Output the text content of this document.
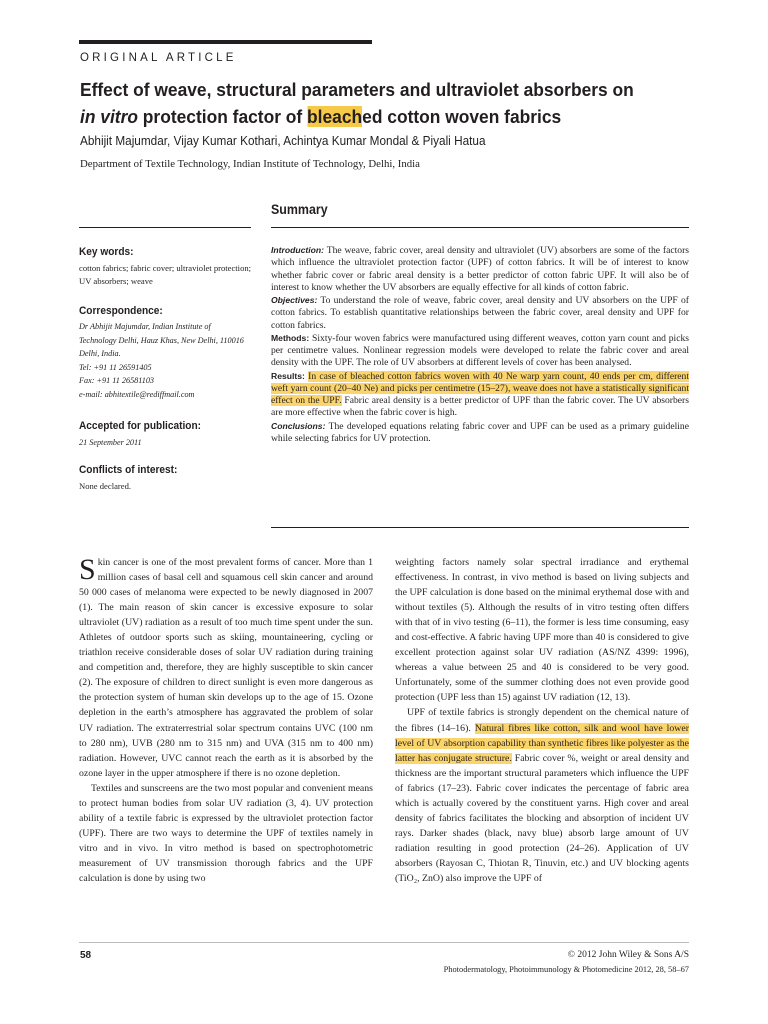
ORIGINAL ARTICLE
Effect of weave, structural parameters and ultraviolet absorbers on
in vitro protection factor of bleached cotton woven fabrics
Abhijit Majumdar, Vijay Kumar Kothari, Achintya Kumar Mondal & Piyali Hatua
Department of Textile Technology, Indian Institute of Technology, Delhi, India
Summary
Key words:
cotton fabrics; fabric cover; ultraviolet protection; UV absorbers; weave
Correspondence:
Dr Abhijit Majumdar, Indian Institute of
Technology Delhi, Hauz Khas, New Delhi, 110016
Delhi, India.
Tel: +91 11 26591405
Fax: +91 11 26581103
e-mail: abhitextile@rediffmail.com
Accepted for publication:
21 September 2011
Conflicts of interest:
None declared.

Introduction: The weave, fabric cover, areal density and ultraviolet (UV) absorbers are some of the factors which influence the ultraviolet protection factor (UPF) of cotton fabrics. It will be of interest to know whether fabric cover or fabric areal density is a better predictor of cotton fabric UPF. It will also be of interest to know whether the UV absorbers are equally effective for all kinds of cotton fabric.

Objectives: To understand the role of weave, fabric cover, areal density and UV absorbers on the UPF of cotton fabrics. To establish quantitative relationships between the fabric cover, areal density and UPF for cotton fabrics.

Methods: Sixty-four woven fabrics were manufactured using different weaves, cotton yarn count and picks per centimetre values. Nonlinear regression models were developed to relate the fabric cover and areal density with the UPF. The role of UV absorbers at different levels of cover has been analysed.

Results: In case of bleached cotton fabrics woven with 40 Ne warp yarn count, 40 ends per cm, different weft yarn count (20–40 Ne) and picks per centimetre (15–27), weave does not have a statistically significant effect on the UPF. Fabric areal density is a better predictor of UPF than the fabric cover. The UV absorbers are more effective when the fabric cover is high.

Conclusions: The developed equations relating fabric cover and UPF can be used as a primary guideline while selecting fabrics for UV protection.

Skin cancer is one of the most prevalent forms of cancer. More than 1 million cases of basal cell and squamous cell skin cancer and around 50 000 cases of melanoma were expected to be newly diagnosed in 2007 (1). The main reason of skin cancer is excessive exposure to solar ultraviolet (UV) radiation as a result of too much time spent under the sun. Athletes of outdoor sports such as skiing, mountaineering, cycling or triathlon receive considerable doses of solar UV radiation during training and competition and, therefore, they are highly susceptible to skin cancer (2). The exposure of children to direct sunlight is even more dangerous as the protection system of human skin develops up to the age of 15. Ozone depletion in the earth’s atmosphere has aggravated the problem of solar UV radiation. The extraterrestrial solar spectrum contains UVC (100 nm to 280 nm), UVB (280 nm to 315 nm) and UVA (315 nm to 400 nm) radiation. However, UVC cannot reach the earth as it is absorbed by the ozone layer in the upper atmosphere if there is no ozone depletion.

Textiles and sunscreens are the two most popular and convenient means to protect human bodies from solar UV radiation (3, 4). UV protection ability of a textile fabric is expressed by the ultraviolet protection factor (UPF). There are two ways to determine the UPF of textiles namely in vitro and in vivo. In vitro method is based on spectrophotometric measurement of UV transmission thorough fabrics and the UPF calculation is done by using two

weighting factors namely solar spectral irradiance and erythemal effectiveness. In contrast, in vivo method is based on living subjects and the UPF calculation is done based on the minimal erythemal dose with and without textiles (5). Although the results of in vitro testing often differs with that of in vivo testing (6–11), the former is less time consuming, easy and cost-effective. A fabric having UPF more than 40 is considered to give excellent protection against solar UV radiation (AS/NZ 4399: 1996), whereas a value between 25 and 40 is considered to be very good. Unfortunately, some of the summer clothing does not even provide good protection (UPF less than 15) against UV radiation (12, 13).

UPF of textile fabrics is strongly dependent on the chemical nature of the fibres (14–16). Natural fibres like cotton, silk and wool have lower level of UV absorption capability than synthetic fibres like polyester as the latter has conjugate structure. Fabric cover %, weight or areal density and thickness are the important structural parameters which influence the UPF of fabrics (17–23). Fabric cover indicates the percentage of fabric area which is actually covered by the constituent yarns. High cover and areal density of fabrics facilitates the blocking and absorption of incident UV rays. Darker shades (black, navy blue) absorb large amount of UV radiation resulting in good protection (24–26). Application of UV absorbers (Rayosan C, Thiotan R, Tinuvin, etc.) and UV blocking agents (TiO₂, ZnO) also improve the UPF of

58	© 2012 John Wiley & Sons A/S
Photodermatology, Photoimmunology & Photomedicine 2012, 28, 58–67
